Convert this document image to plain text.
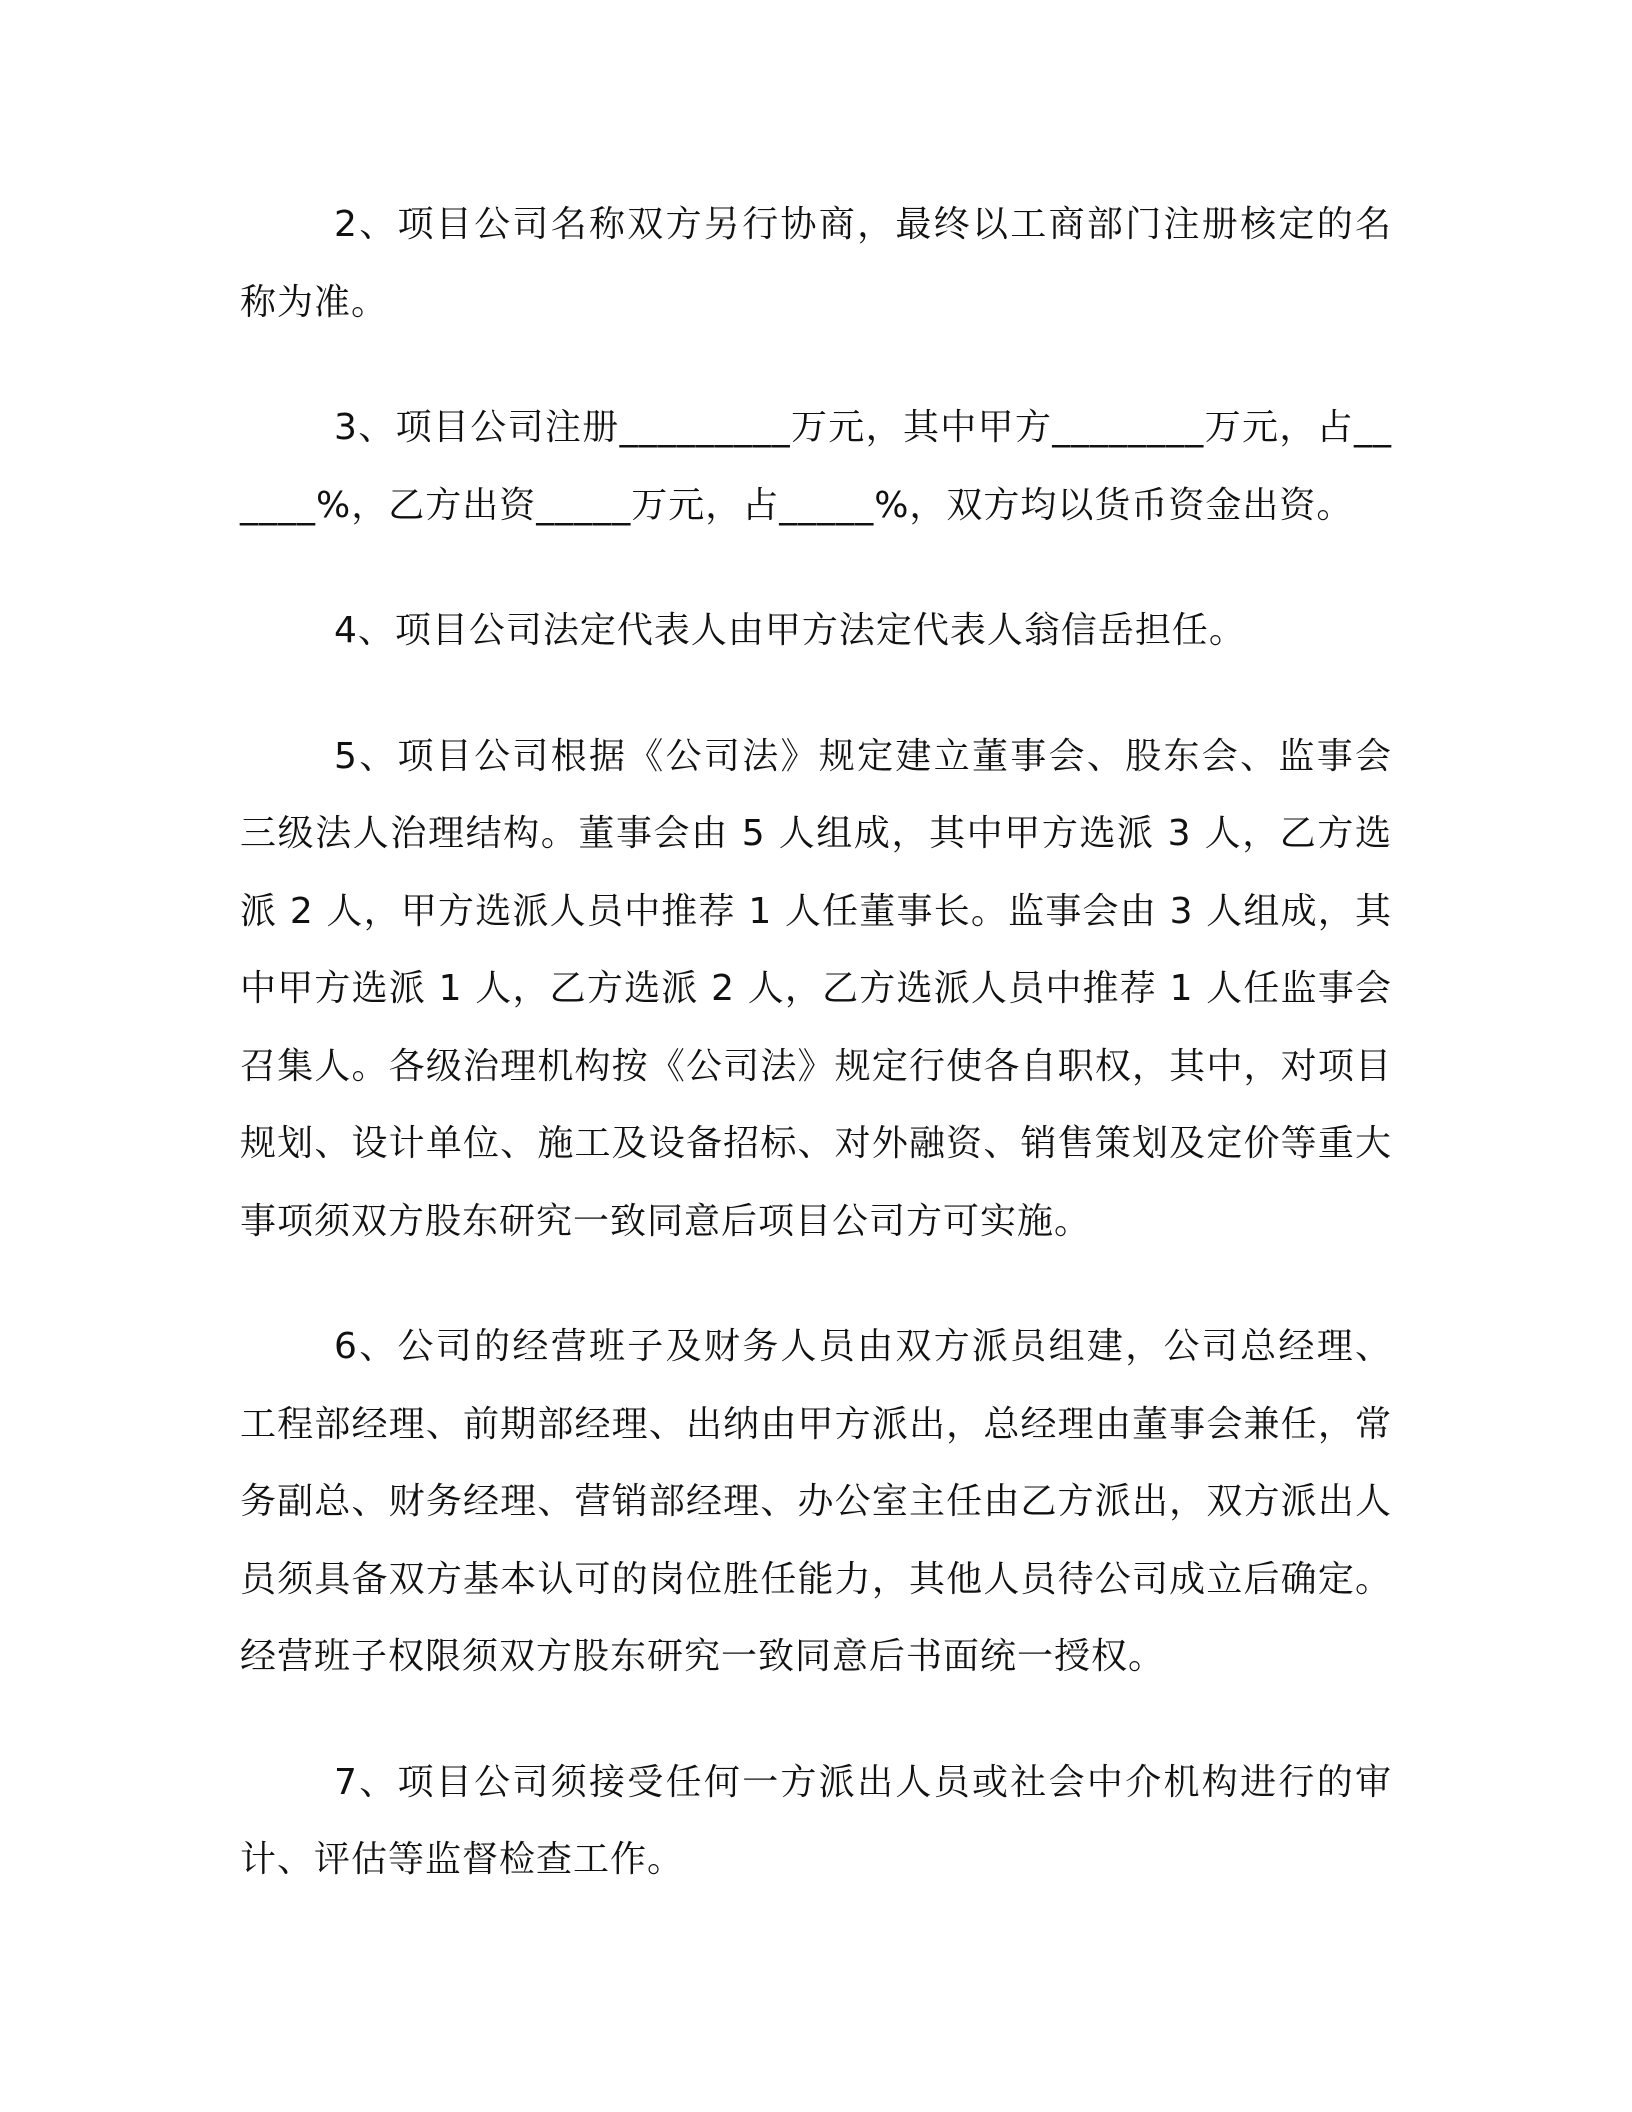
2、项目公司名称双方另行协商，最终以工商部门注册核定的名称为准。

3、项目公司注册_________万元，其中甲方________万元，占______%，乙方出资_____万元，占_____%，双方均以货币资金出资。

4、项目公司法定代表人由甲方法定代表人翁信岳担任。

5、项目公司根据《公司法》规定建立董事会、股东会、监事会三级法人治理结构。董事会由 5 人组成，其中甲方选派 3 人，乙方选派 2 人，甲方选派人员中推荐 1 人任董事长。监事会由 3 人组成，其中甲方选派 1 人，乙方选派 2 人，乙方选派人员中推荐 1 人任监事会召集人。各级治理机构按《公司法》规定行使各自职权，其中，对项目规划、设计单位、施工及设备招标、对外融资、销售策划及定价等重大事项须双方股东研究一致同意后项目公司方可实施。

6、公司的经营班子及财务人员由双方派员组建，公司总经理、工程部经理、前期部经理、出纳由甲方派出，总经理由董事会兼任，常务副总、财务经理、营销部经理、办公室主任由乙方派出，双方派出人员须具备双方基本认可的岗位胜任能力，其他人员待公司成立后确定。经营班子权限须双方股东研究一致同意后书面统一授权。

7、项目公司须接受任何一方派出人员或社会中介机构进行的审计、评估等监督检查工作。
